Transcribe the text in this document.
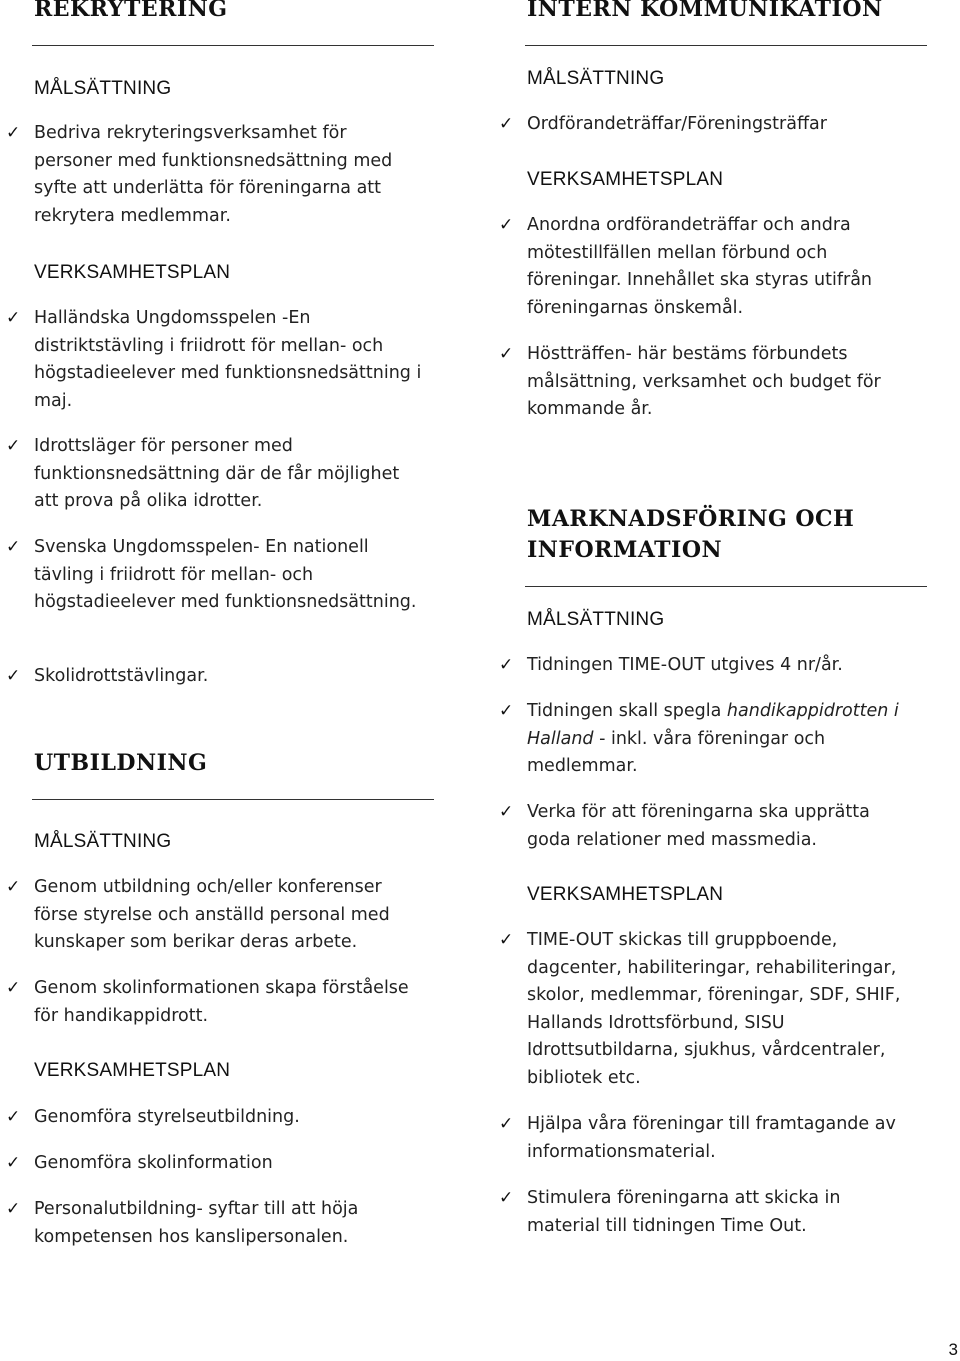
REKRYTERING
MÅLSÄTTNING
✓ Bedriva rekryteringsverksamhet för personer med funktionsnedsättning med syfte att underlätta för föreningarna att rekrytera medlemmar.
VERKSAMHETSPLAN
✓ Halländska Ungdomsspelen -En distriktstävling i friidrott för mellan- och högstadieelever med funktionsnedsättning i maj.
✓ Idrottsläger för personer med funktionsnedsättning där de får möjlighet att prova på olika idrotter.
✓ Svenska Ungdomsspelen- En nationell tävling i friidrott för mellan- och högstadieelever med funktionsnedsättning.
✓ Skolidrottstävlingar.
UTBILDNING
MÅLSÄTTNING
✓ Genom utbildning och/eller konferenser förse styrelse och anställd personal med kunskaper som berikar deras arbete.
✓ Genom skolinformationen skapa förståelse för handikappidrott.
VERKSAMHETSPLAN
✓ Genomföra styrelseutbildning.
✓ Genomföra skolinformation
✓ Personalutbildning- syftar till att höja kompetensen hos kanslipersonalen.
INTERN KOMMUNIKATION
MÅLSÄTTNING
✓ Ordförandeträffar/Föreningsträffar
VERKSAMHETSPLAN
✓ Anordna ordförandeträffar och andra mötestillfällen mellan förbund och föreningar. Innehållet ska styras utifrån föreningarnas önskemål.
✓ Höstträffen- här bestäms förbundets målsättning, verksamhet och budget för kommande år.
MARKNADSFÖRING OCH
INFORMATION
MÅLSÄTTNING
✓ Tidningen TIME-OUT utgives 4 nr/år.
✓ Tidningen skall spegla handikappidrotten i Halland - inkl. våra föreningar och medlemmar.
✓ Verka för att föreningarna ska upprätta goda relationer med massmedia.
VERKSAMHETSPLAN
✓ TIME-OUT skickas till gruppboende, dagcenter, habiliteringar, rehabiliteringar, skolor, medlemmar, föreningar, SDF, SHIF, Hallands Idrottsförbund, SISU Idrottsutbildarna, sjukhus, vårdcentraler, bibliotek etc.
✓ Hjälpa våra föreningar till framtagande av informationsmaterial.
✓ Stimulera föreningarna att skicka in material till tidningen Time Out.
3
